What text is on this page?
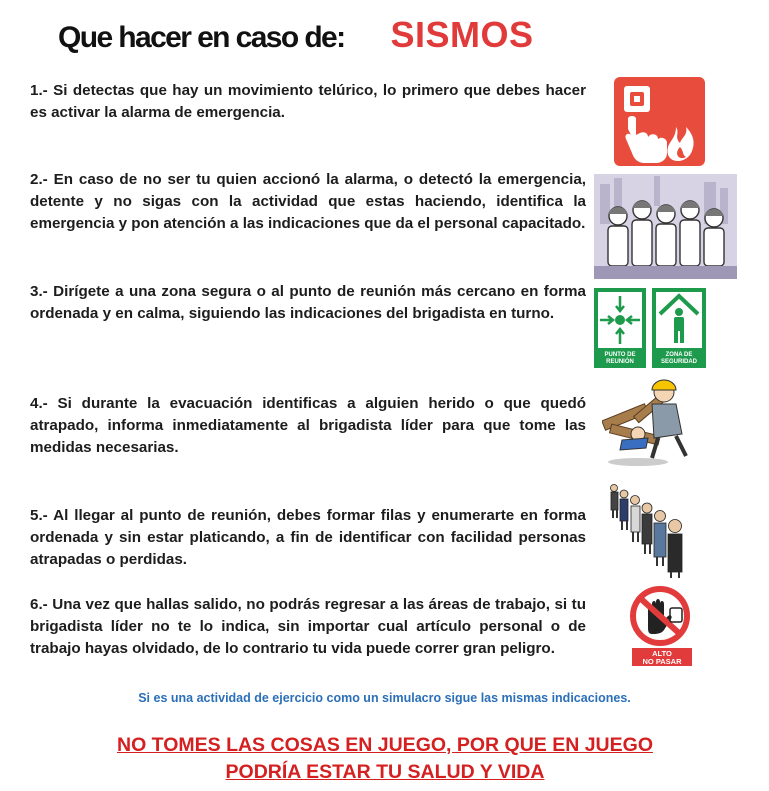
Que hacer en caso de: SISMOS
1.- Si detectas que hay un movimiento telúrico, lo primero que debes hacer es activar la alarma de emergencia.
2.- En caso de no ser tu quien accionó la alarma, o detectó la emergencia, detente y no sigas con la actividad que estas haciendo, identifica la emergencia y pon atención a las indicaciones que da el personal capacitado.
3.- Dirígete a una zona segura o al punto de reunión más cercano en forma ordenada y en calma, siguiendo las indicaciones del brigadista en turno.
PUNTO DE
REUNIÓN
ZONA DE
SEGURIDAD
4.- Si durante la evacuación identificas a alguien herido o que quedó atrapado, informa inmediatamente al brigadista líder para que tome las medidas necesarias.
5.- Al llegar al punto de reunión, debes formar filas y enumerarte en forma ordenada y sin estar platicando, a fin de identificar con facilidad personas atrapadas o perdidas.
6.- Una vez que hallas salido, no podrás regresar a las áreas de trabajo, si tu brigadista líder no te lo indica, sin importar cual artículo personal o de trabajo hayas olvidado, de lo contrario tu vida puede correr gran peligro.	ALTO
NO PASAR
Si es una actividad de ejercicio como un simulacro sigue las mismas indicaciones.
NO TOMES LAS COSAS EN JUEGO, POR QUE EN JUEGO
PODRÍA ESTAR TU SALUD Y VIDA
